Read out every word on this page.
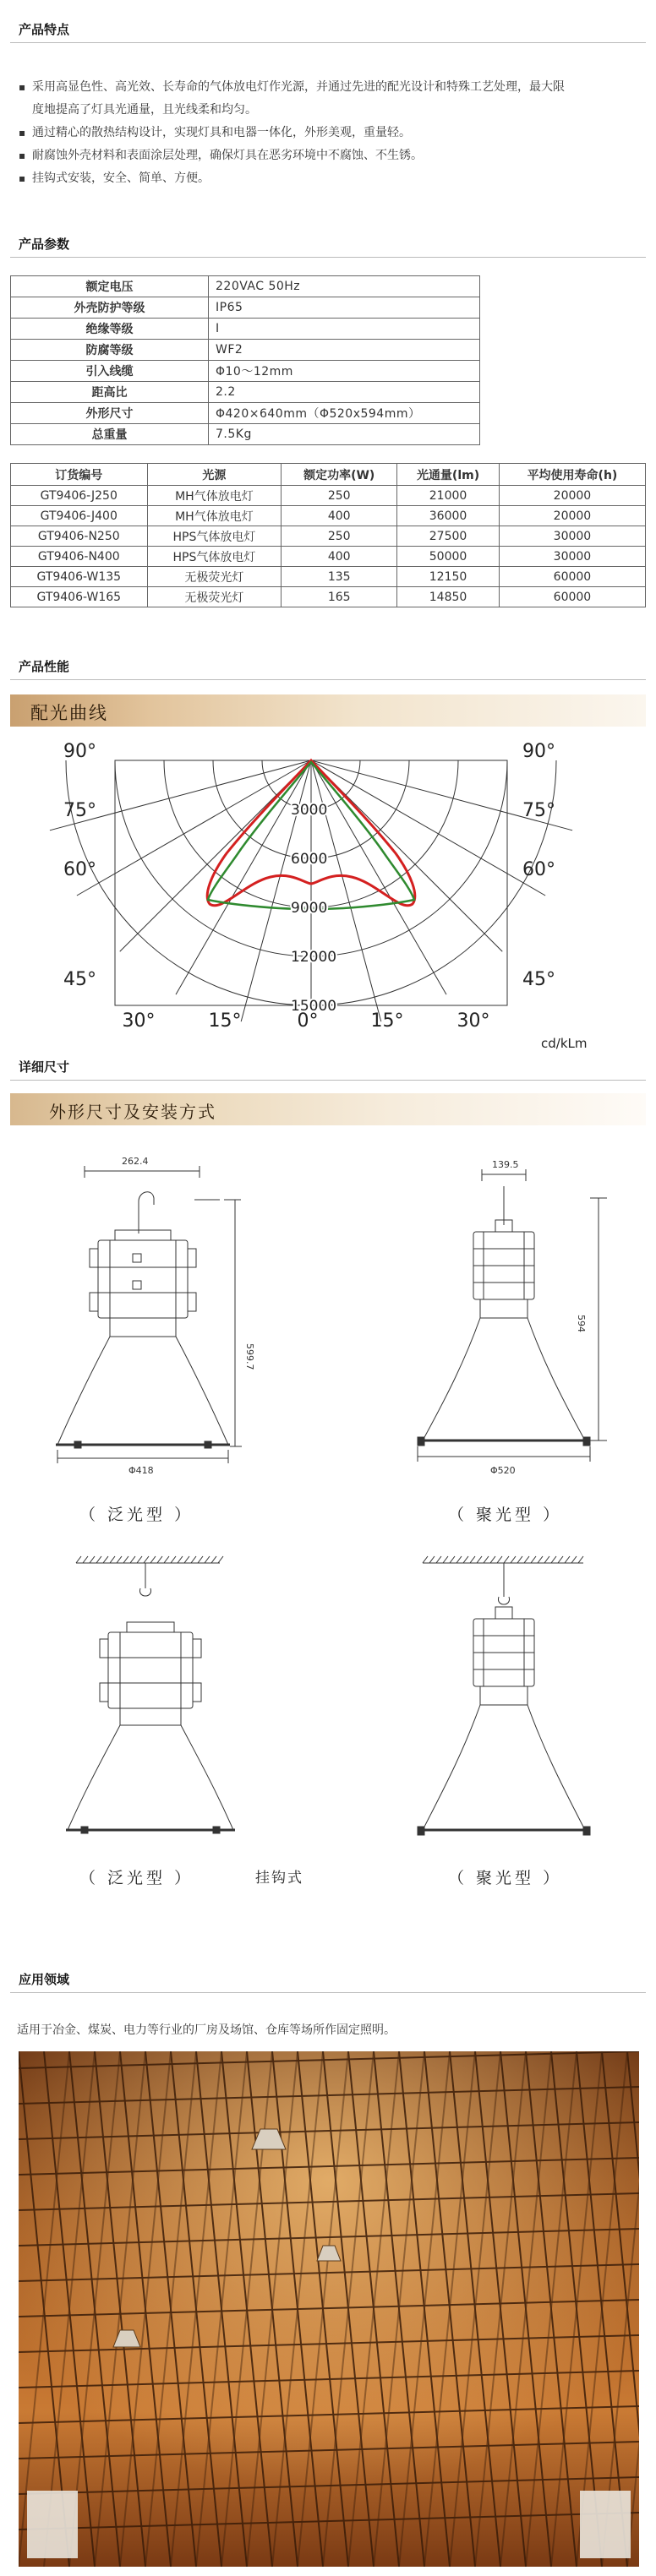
产品特点
▪ 采用高显色性、高光效、长寿命的气体放电灯作光源，并通过先进的配光设计和特殊工艺处理，最大限
度地提高了灯具光通量，且光线柔和均匀。
▪ 通过精心的散热结构设计，实现灯具和电器一体化，外形美观，重量轻。
▪ 耐腐蚀外壳材料和表面涂层处理，确保灯具在恶劣环境中不腐蚀、不生锈。
▪ 挂钩式安装，安全、简单、方便。
产品参数
额定电压	220VAC 50Hz
外壳防护等级	IP65
绝缘等级	I
防腐等级	WF2
引入线缆	Φ10～12mm
距高比	2.2
外形尺寸	Φ420×640mm（Φ520x594mm）
总重量	7.5Kg
订货编号	光源	额定功率(W)	光通量(lm)	平均使用寿命(h)
GT9406-J250	MH气体放电灯	250	21000	20000
GT9406-J400	MH气体放电灯	400	36000	20000
GT9406-N250	HPS气体放电灯	250	27500	30000
GT9406-N400	HPS气体放电灯	400	50000	30000
GT9406-W135	无极荧光灯	135	12150	60000
GT9406-W165	无极荧光灯	165	14850	60000
产品性能
配光曲线
3000
6000
9000
12000
15000
90°
75°
60°
45°
90°
75°
60°
45°
30°	15°	0°	15°	30°
cd/kLm
详细尺寸
外形尺寸及安装方式
262.4
599.7
Φ418
139.5
594
Φ520
（ 泛光型 ）	（ 聚光型 ）
（ 泛光型 ）	挂钩式	（ 聚光型 ）
应用领域
适用于冶金、煤炭、电力等行业的厂房及场馆、仓库等场所作固定照明。
